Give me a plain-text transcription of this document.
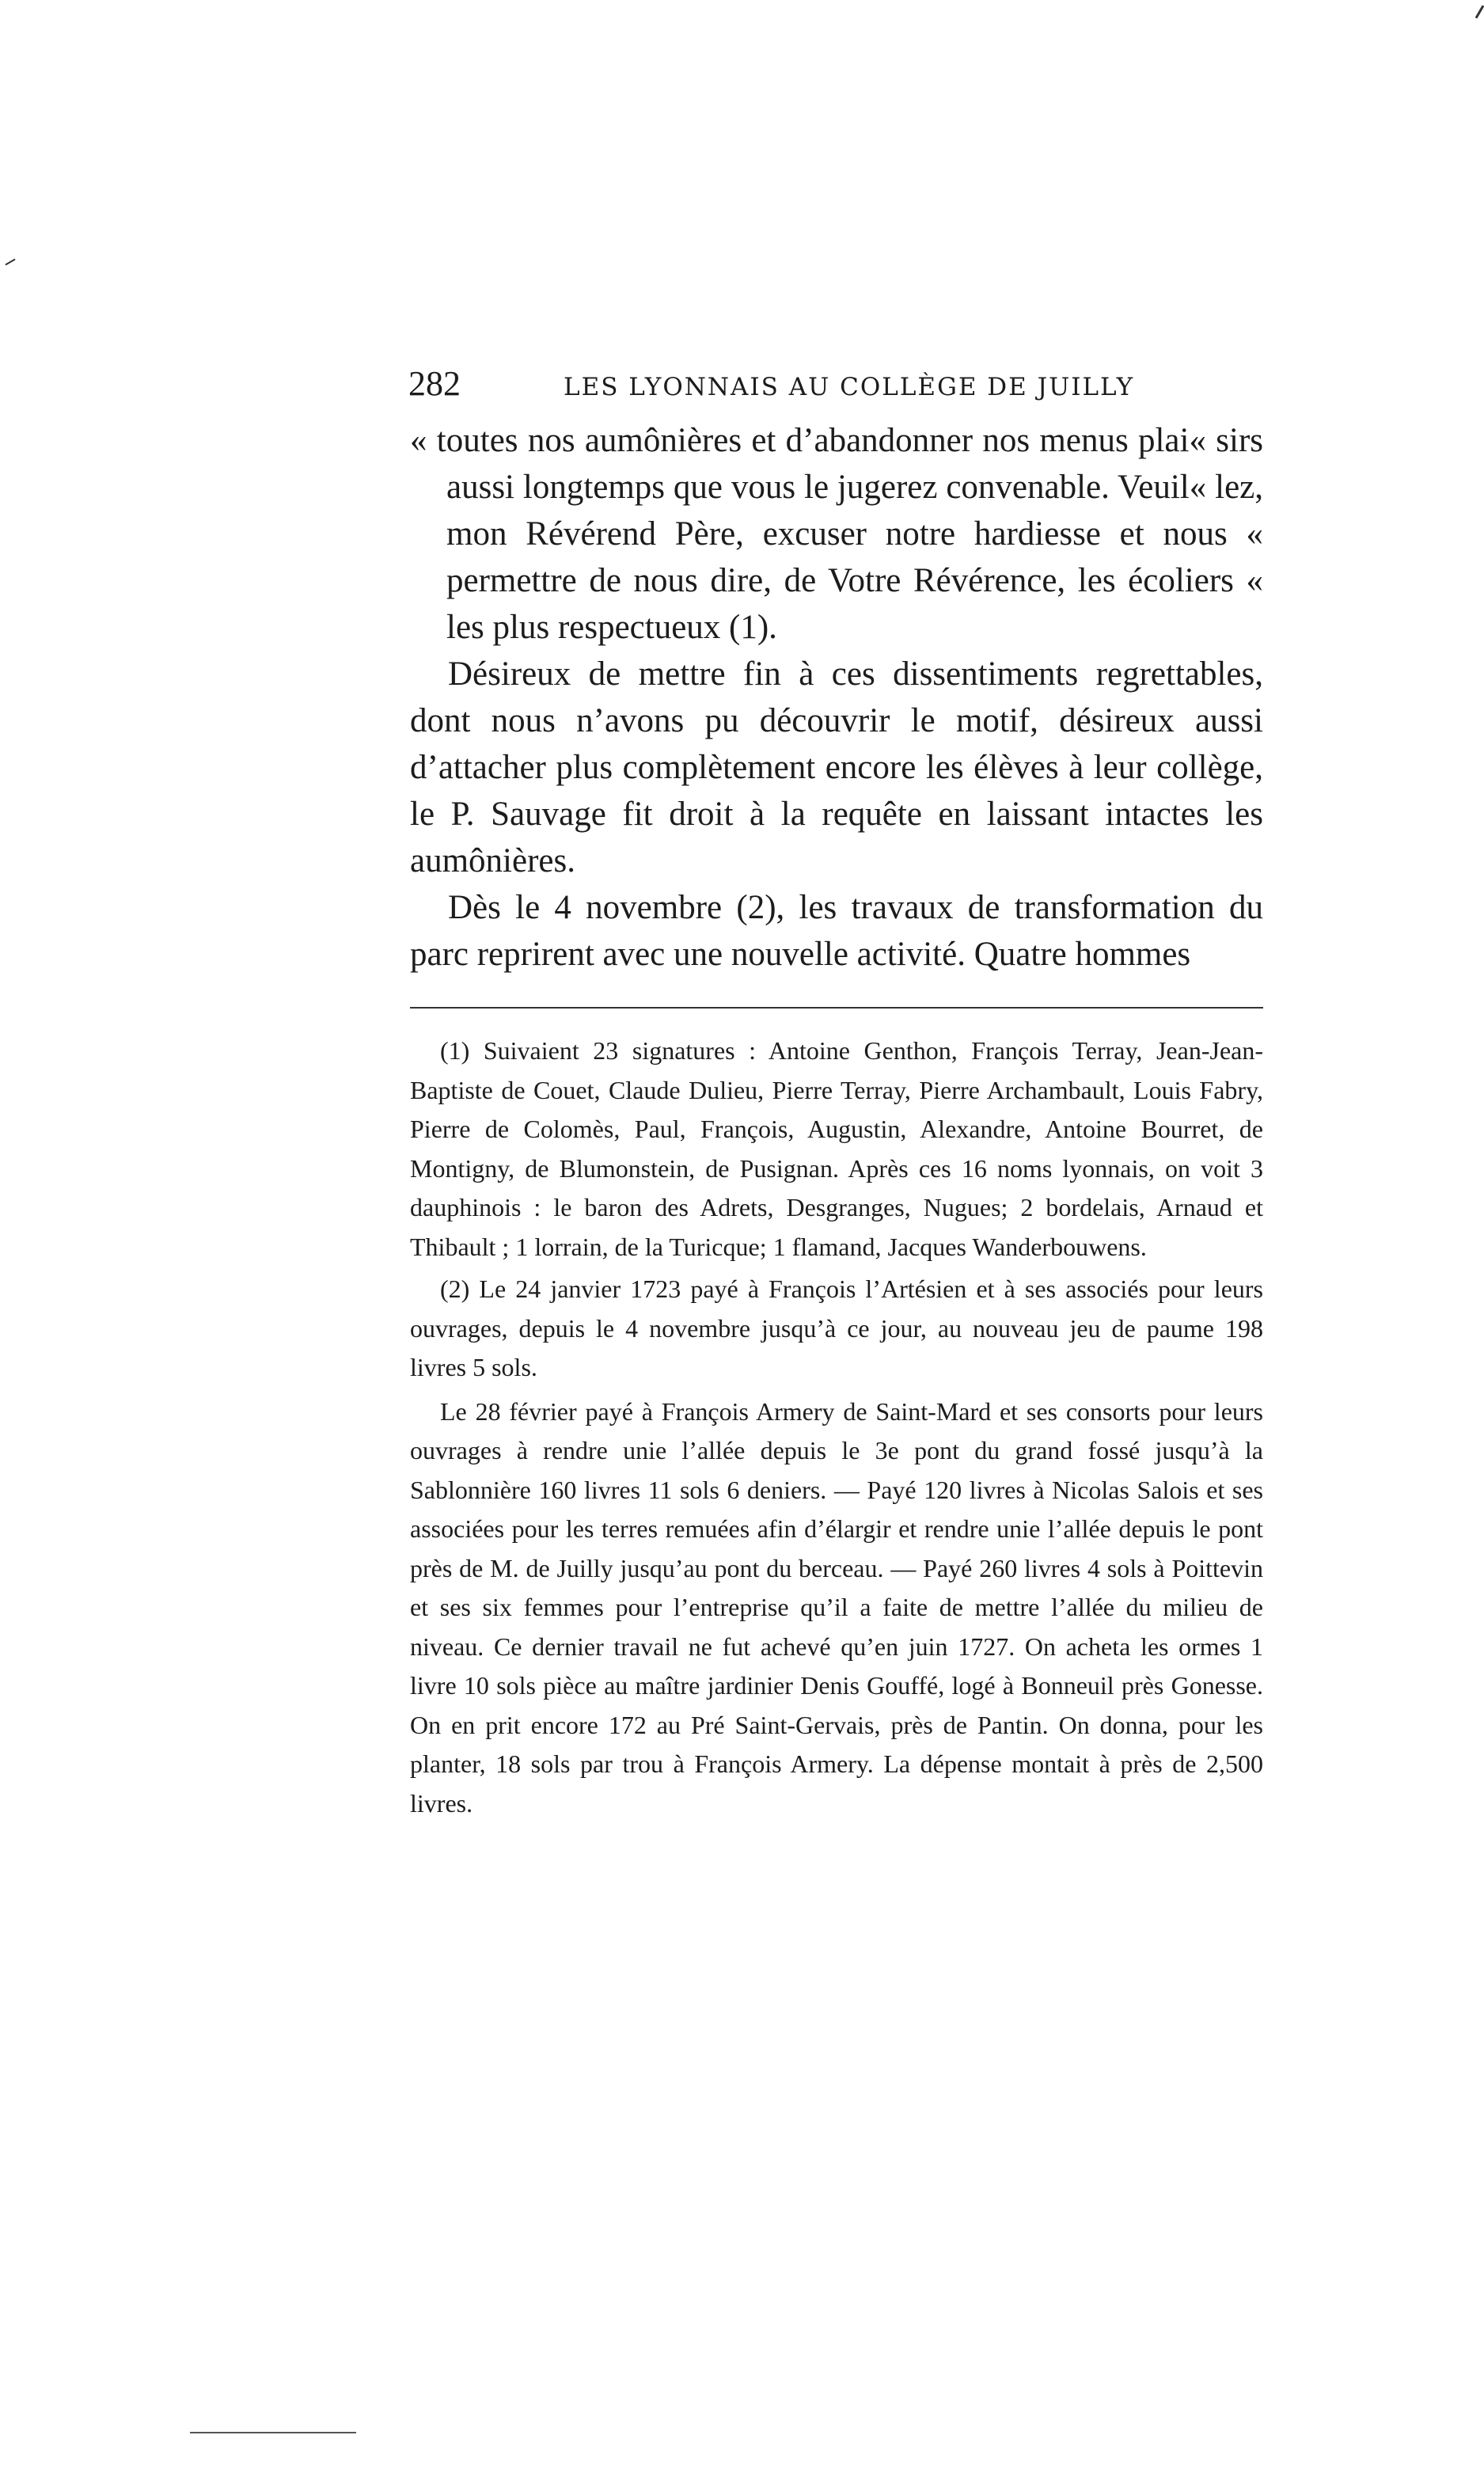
282	LES LYONNAIS AU COLLÈGE DE JUILLY

« toutes nos aumônières et d’abandonner nos menus plai« sirs aussi longtemps que vous le jugerez convenable. Veuil« lez, mon Révérend Père, excuser notre hardiesse et nous « permettre de nous dire, de Votre Révérence, les écoliers « les plus respectueux (1).

Désireux de mettre fin à ces dissentiments regrettables, dont nous n’avons pu découvrir le motif, désireux aussi d’attacher plus complètement encore les élèves à leur collège, le P. Sauvage fit droit à la requête en laissant intactes les aumônières.

Dès le 4 novembre (2), les travaux de transformation du parc reprirent avec une nouvelle activité. Quatre hommes

(1) Suivaient 23 signatures : Antoine Genthon, François Terray, Jean-Jean-Baptiste de Couet, Claude Dulieu, Pierre Terray, Pierre Archambault, Louis Fabry, Pierre de Colomès, Paul, François, Augustin, Alexandre, Antoine Bourret, de Montigny, de Blumonstein, de Pusignan. Après ces 16 noms lyonnais, on voit 3 dauphinois : le baron des Adrets, Desgranges, Nugues; 2 bordelais, Arnaud et Thibault ; 1 lorrain, de la Turicque; 1 flamand, Jacques Wanderbouwens.

(2) Le 24 janvier 1723 payé à François l’Artésien et à ses associés pour leurs ouvrages, depuis le 4 novembre jusqu’à ce jour, au nouveau jeu de paume 198 livres 5 sols.

Le 28 février payé à François Armery de Saint-Mard et ses consorts pour leurs ouvrages à rendre unie l’allée depuis le 3e pont du grand fossé jusqu’à la Sablonnière 160 livres 11 sols 6 deniers. — Payé 120 livres à Nicolas Salois et ses associées pour les terres remuées afin d’élargir et rendre unie l’allée depuis le pont près de M. de Juilly jusqu’au pont du berceau. — Payé 260 livres 4 sols à Poittevin et ses six femmes pour l’entreprise qu’il a faite de mettre l’allée du milieu de niveau. Ce dernier travail ne fut achevé qu’en juin 1727. On acheta les ormes 1 livre 10 sols pièce au maître jardinier Denis Gouffé, logé à Bonneuil près Gonesse. On en prit encore 172 au Pré Saint-Gervais, près de Pantin. On donna, pour les planter, 18 sols par trou à François Armery. La dépense montait à près de 2,500 livres.
